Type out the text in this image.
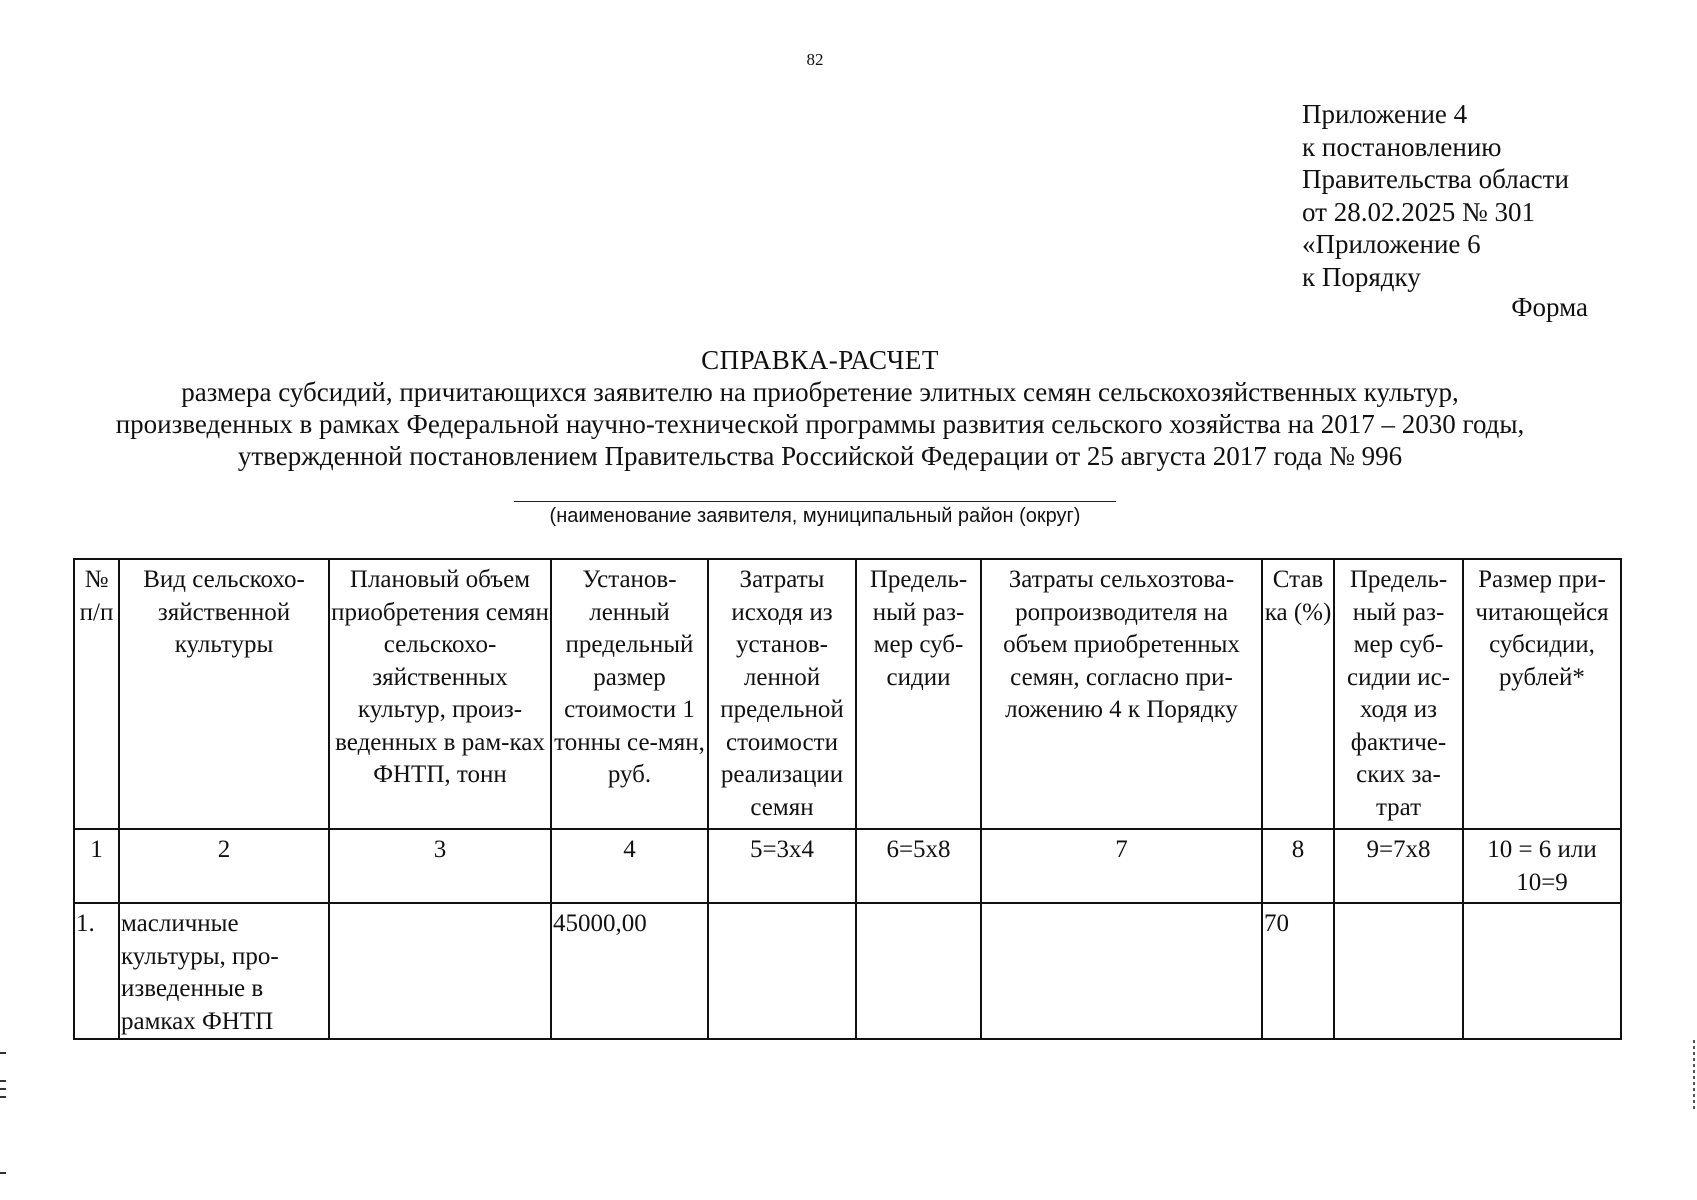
82
Приложение 4
к постановлению
Правительства области
от 28.02.2025 № 301
«Приложение 6
к Порядку
Форма
СПРАВКА-РАСЧЕТ
размера субсидий, причитающихся заявителю на приобретение элитных семян сельскохозяйственных культур,
произведенных в рамках Федеральной научно-технической программы развития сельского хозяйства на 2017 – 2030 годы,
утвержденной постановлением Правительства Российской Федерации от 25 августа 2017 года № 996
(наименование заявителя, муниципальный район (округ)
№ п/п	Вид сельскохо-зяйственной культуры	Плановый объем приобретения семян сельскохо-зяйственных культур, произ-веденных в рам-ках ФНТП, тонн	Установ-ленный предельный размер стоимости 1 тонны се-мян, руб.	Затраты исходя из установ-ленной предельной стоимости реализации семян	Предель-ный раз-мер суб-сидии	Затраты сельхозтова-ропроизводителя на объем приобретенных семян, согласно при-ложению 4 к Порядку	Став ка (%)	Предель-ный раз-мер суб-сидии ис-ходя из фактиче-ских за-трат	Размер при-читающейся субсидии, рублей*
1	2	3	4	5=3x4	6=5x8	7	8	9=7x8	10 = 6 или 10=9
1.	масличные культуры, про-изведенные в рамках ФНТП		45000,00				70		
